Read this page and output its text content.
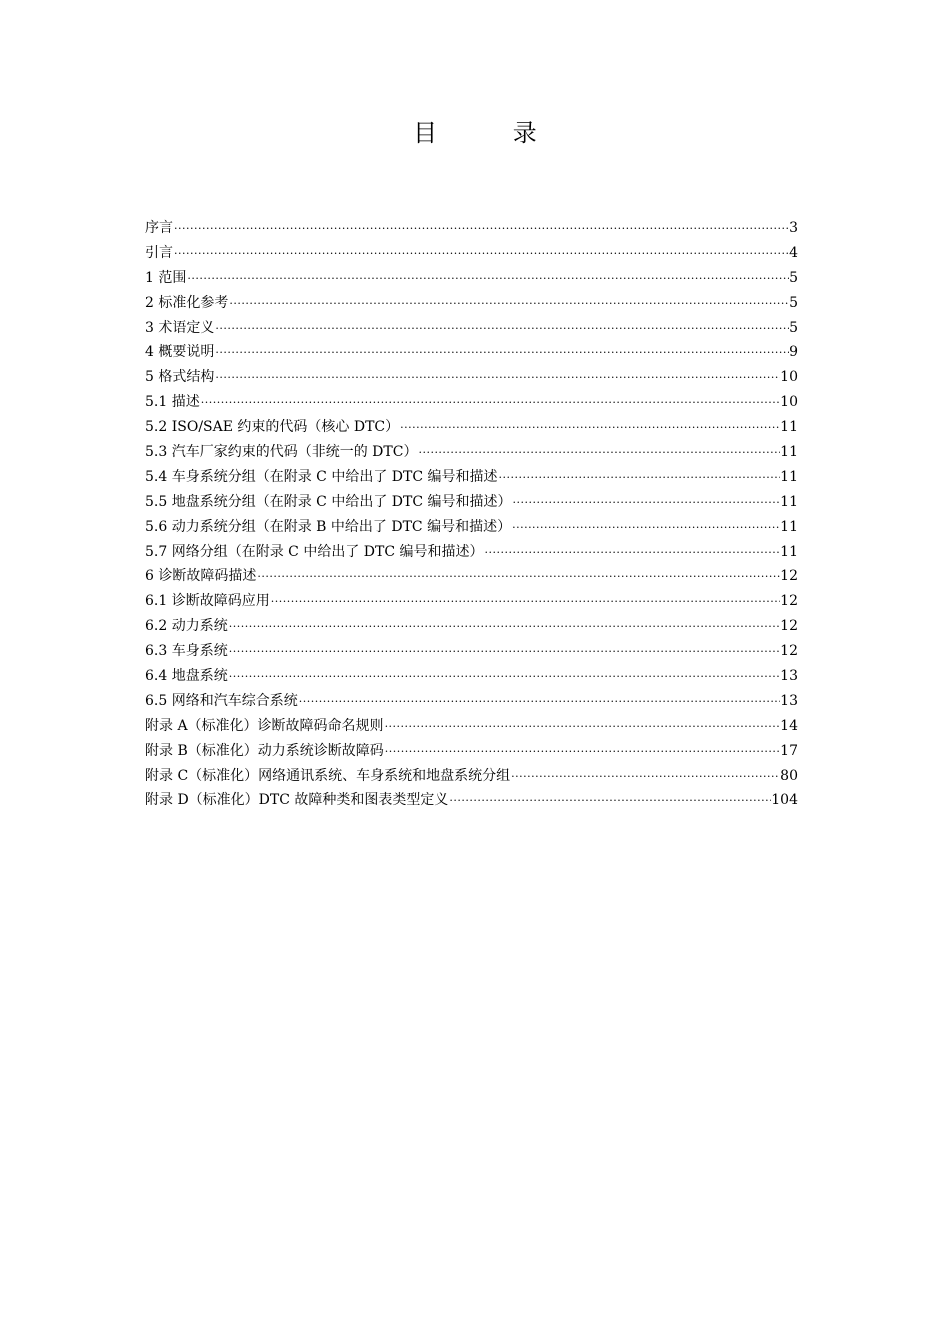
目 录
序言 ·····	3
引言 ·····	4
1 范围 ·····	5
2 标准化参考 ·····	5
3 术语定义 ·····	5
4 概要说明 ·····	9
5 格式结构 ·····	10
5.1 描述 ·····	10
5.2 ISO/SAE 约束的代码（核心 DTC） ·····	11
5.3 汽车厂家约束的代码（非统一的 DTC） ·····	11
5.4 车身系统分组（在附录 C 中给出了 DTC 编号和描述 ·····	11
5.5 地盘系统分组（在附录 C 中给出了 DTC 编号和描述） ·····	11
5.6 动力系统分组（在附录 B 中给出了 DTC 编号和描述） ·····	11
5.7 网络分组（在附录 C 中给出了 DTC 编号和描述） ·····	11
6 诊断故障码描述 ·····	12
6.1 诊断故障码应用 ·····	12
6.2 动力系统 ·····	12
6.3 车身系统 ·····	12
6.4 地盘系统 ·····	13
6.5 网络和汽车综合系统 ·····	13
附录 A（标准化）诊断故障码命名规则 ·····	14
附录 B（标准化）动力系统诊断故障码 ·····	17
附录 C（标准化）网络通讯系统、车身系统和地盘系统分组 ·····	80
附录 D（标准化）DTC 故障种类和图表类型定义 ·····	104
